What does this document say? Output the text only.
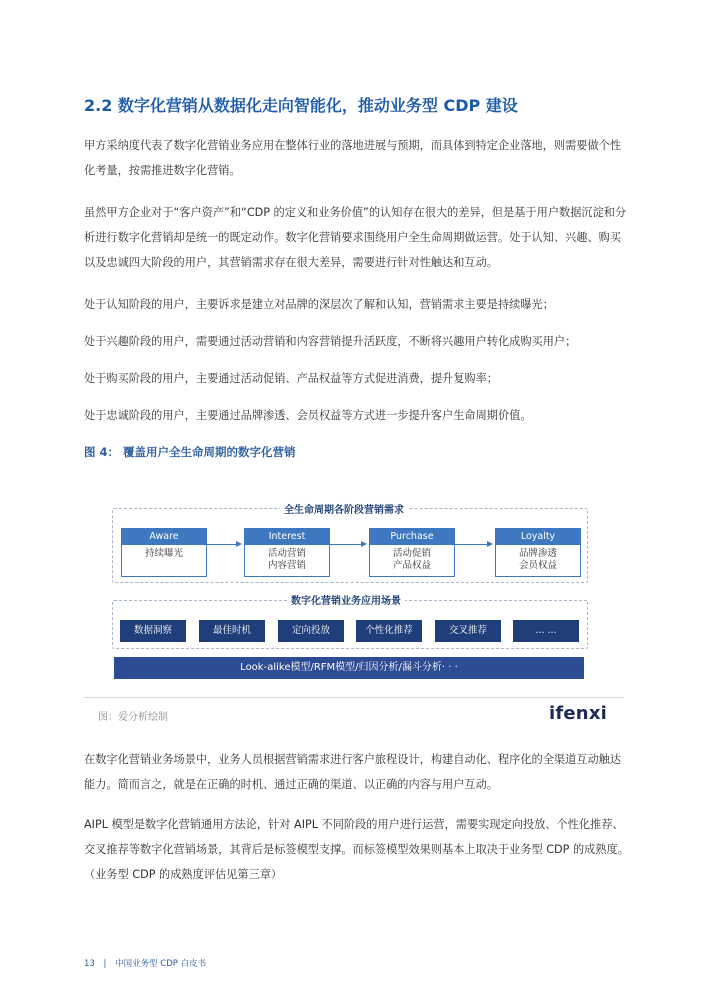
2.2 数字化营销从数据化走向智能化，推动业务型 CDP 建设
甲方采纳度代表了数字化营销业务应用在整体行业的落地进展与预期，而具体到特定企业落地，则需要做个性化考量，按需推进数字化营销。
虽然甲方企业对于“客户资产”和“CDP 的定义和业务价值”的认知存在很大的差异，但是基于用户数据沉淀和分析进行数字化营销却是统一的既定动作。数字化营销要求围绕用户全生命周期做运营。处于认知、兴趣、购买以及忠诚四大阶段的用户，其营销需求存在很大差异，需要进行针对性触达和互动。
处于认知阶段的用户，主要诉求是建立对品牌的深层次了解和认知，营销需求主要是持续曝光；
处于兴趣阶段的用户，需要通过活动营销和内容营销提升活跃度，不断将兴趣用户转化成购买用户；
处于购买阶段的用户，主要通过活动促销、产品权益等方式促进消费，提升复购率；
处于忠诚阶段的用户，主要通过品牌渗透、会员权益等方式进一步提升客户生命周期价值。
图 4： 覆盖用户全生命周期的数字化营销
全生命周期各阶段营销需求
Aware
持续曝光
Interest
活动营销
内容营销
Purchase
活动促销
产品权益
Loyalty
品牌渗透
会员权益
数字化营销业务应用场景
数据洞察	最佳时机	定向投放	个性化推荐	交叉推荐	... ...
Look-alike模型/RFM模型/归因分析/漏斗分析· · ·
图：爱分析绘制	ifenxi
在数字化营销业务场景中，业务人员根据营销需求进行客户旅程设计，构建自动化、程序化的全渠道互动触达能力。简而言之，就是在正确的时机、通过正确的渠道、以正确的内容与用户互动。
AIPL 模型是数字化营销通用方法论，针对 AIPL 不同阶段的用户进行运营，需要实现定向投放、个性化推荐、交叉推荐等数字化营销场景，其背后是标签模型支撑。而标签模型效果则基本上取决于业务型 CDP 的成熟度。（业务型 CDP 的成熟度评估见第三章）
13 | 中国业务型 CDP 白皮书
